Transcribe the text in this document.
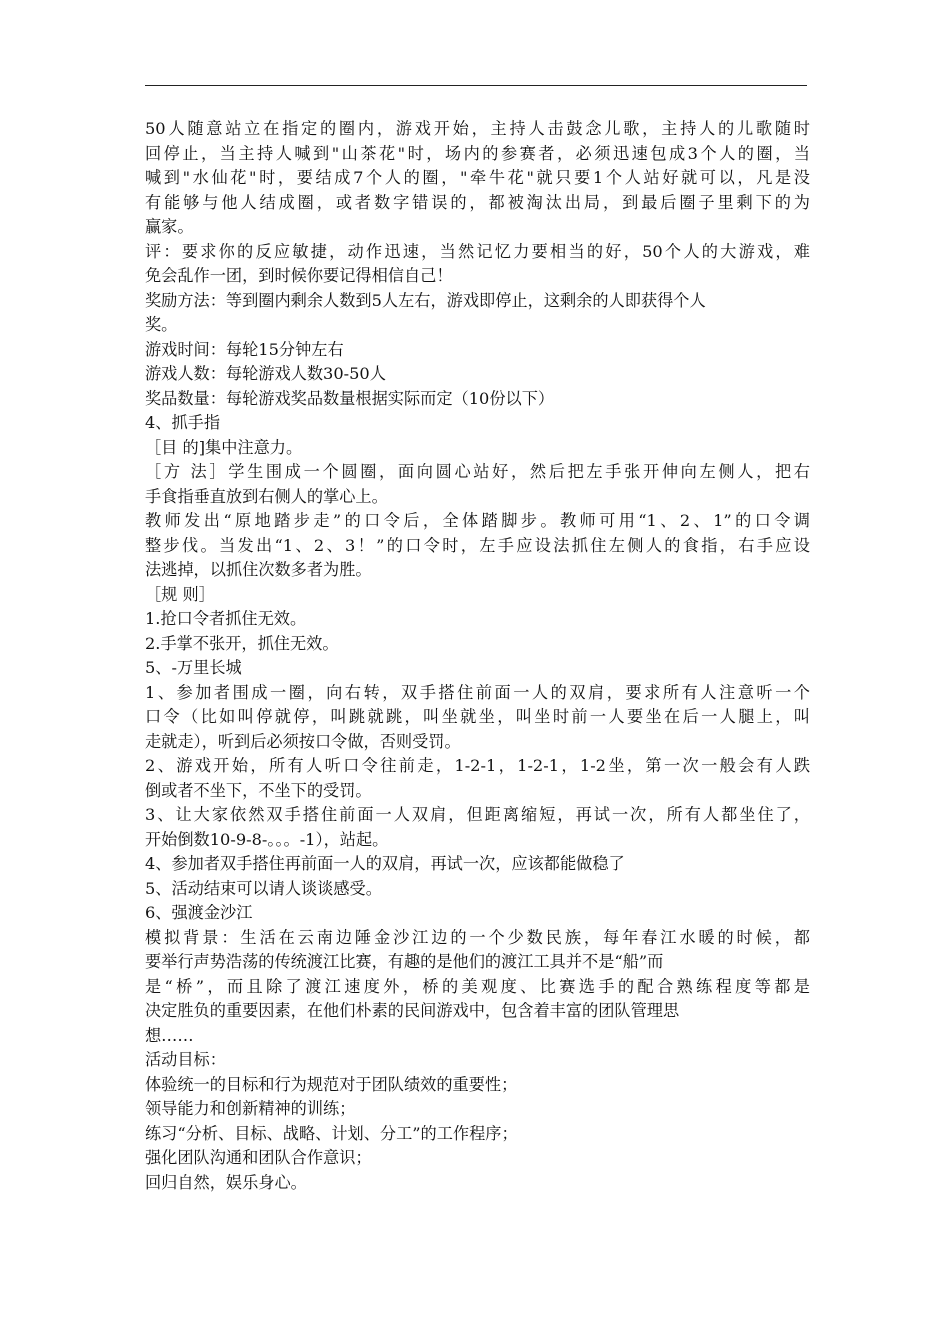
50人随意站立在指定的圈内，游戏开始，主持人击鼓念儿歌，主持人的儿歌随时
回停止，当主持人喊到"山茶花"时，场内的参赛者，必须迅速包成3个人的圈，当
喊到"水仙花"时，要结成7个人的圈，"牵牛花"就只要1个人站好就可以，凡是没
有能够与他人结成圈，或者数字错误的，都被淘汰出局，到最后圈子里剩下的为
赢家。
评：要求你的反应敏捷，动作迅速，当然记忆力要相当的好，50个人的大游戏，难
免会乱作一团，到时候你要记得相信自己！
奖励方法：等到圈内剩余人数到5人左右，游戏即停止，这剩余的人即获得个人
奖。
游戏时间：每轮15分钟左右
游戏人数：每轮游戏人数30-50人
奖品数量：每轮游戏奖品数量根据实际而定（10份以下）
4、抓手指
［目 的]集中注意力。
［方 法］学生围成一个圆圈，面向圆心站好，然后把左手张开伸向左侧人，把右
手食指垂直放到右侧人的掌心上。
教师发出“原地踏步走”的口令后，全体踏脚步。教师可用“1、2、1”的口令调
整步伐。当发出“1、2、3！”的口令时，左手应设法抓住左侧人的食指，右手应设
法逃掉，以抓住次数多者为胜。
［规 则］
1.抢口令者抓住无效。
2.手掌不张开，抓住无效。
5、-万里长城
1、参加者围成一圈，向右转，双手搭住前面一人的双肩，要求所有人注意听一个
口令（比如叫停就停，叫跳就跳，叫坐就坐，叫坐时前一人要坐在后一人腿上，叫
走就走），听到后必须按口令做，否则受罚。
2、游戏开始，所有人听口令往前走，1-2-1，1-2-1，1-2坐，第一次一般会有人跌
倒或者不坐下，不坐下的受罚。
3、让大家依然双手搭住前面一人双肩，但距离缩短，再试一次，所有人都坐住了，
开始倒数10-9-8-。。。-1），站起。
4、参加者双手搭住再前面一人的双肩，再试一次，应该都能做稳了
5、活动结束可以请人谈谈感受。
6、强渡金沙江
模拟背景：生活在云南边陲金沙江边的一个少数民族，每年春江水暖的时候，都
要举行声势浩荡的传统渡江比赛，有趣的是他们的渡江工具并不是“船”而
是“桥”，而且除了渡江速度外，桥的美观度、比赛选手的配合熟练程度等都是
决定胜负的重要因素，在他们朴素的民间游戏中，包含着丰富的团队管理思
想……
活动目标：
体验统一的目标和行为规范对于团队绩效的重要性；
领导能力和创新精神的训练；
练习“分析、目标、战略、计划、分工”的工作程序；
强化团队沟通和团队合作意识；
回归自然，娱乐身心。
